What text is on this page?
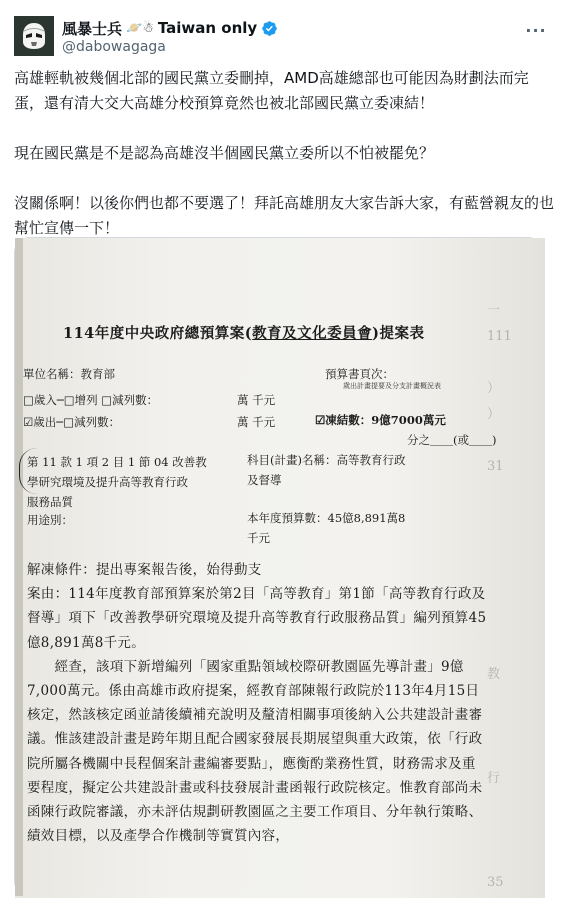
風暴士兵 🪐☃ Taiwan only
@dabowagaga
···

高雄輕軌被幾個北部的國民黨立委刪掉，AMD高雄總部也可能因為財劃法而完蛋，還有清大交大高雄分校預算竟然也被北部國民黨立委凍結！

現在國民黨是不是認為高雄沒半個國民黨立委所以不怕被罷免？

沒關係啊！以後你們也都不要選了！拜託高雄朋友大家告訴大家，有藍營親友的也幫忙宣傳一下！

一
111

）
）

31

教

行

35
114年度中央政府總預算案(教育及文化委員會)提案表
單位名稱：教育部	預算書頁次：
歲出計畫提要及分支計畫概況表
□歲入─□增列 □減列數：	萬 千元
☑歲出─□減列數：	萬 千元	☑凍結數：9億7000萬元
分之＿＿(或＿＿)
第 11 款 1 項 2 目 1 節 04 改善教
學研究環境及提升高等教育行政
服務品質
科目(計畫)名稱：高等教育行政
及督導
用途別：	本年度預算數：45億8,891萬8
千元

解凍條件：提出專案報告後，始得動支

案由：114年度教育部預算案於第2目「高等教育」第1節「高等教育行政及督導」項下「改善教學研究環境及提升高等教育行政服務品質」編列預算45億8,891萬8千元。

　　經查，該項下新增編列「國家重點領域校際研教園區先導計畫」9億7,000萬元。係由高雄市政府提案，經教育部陳報行政院於113年4月15日核定，然該核定函並請後續補充說明及釐清相關事項後納入公共建設計畫審議。惟該建設計畫是跨年期且配合國家發展長期展望與重大政策，依「行政院所屬各機關中長程個案計畫編審要點」，應衡酌業務性質，財務需求及重要程度，擬定公共建設計畫或科技發展計畫函報行政院核定。惟教育部尚未函陳行政院審議，亦未評估規劃研教園區之主要工作項目、分年執行策略、績效目標，以及產學合作機制等實質內容，
